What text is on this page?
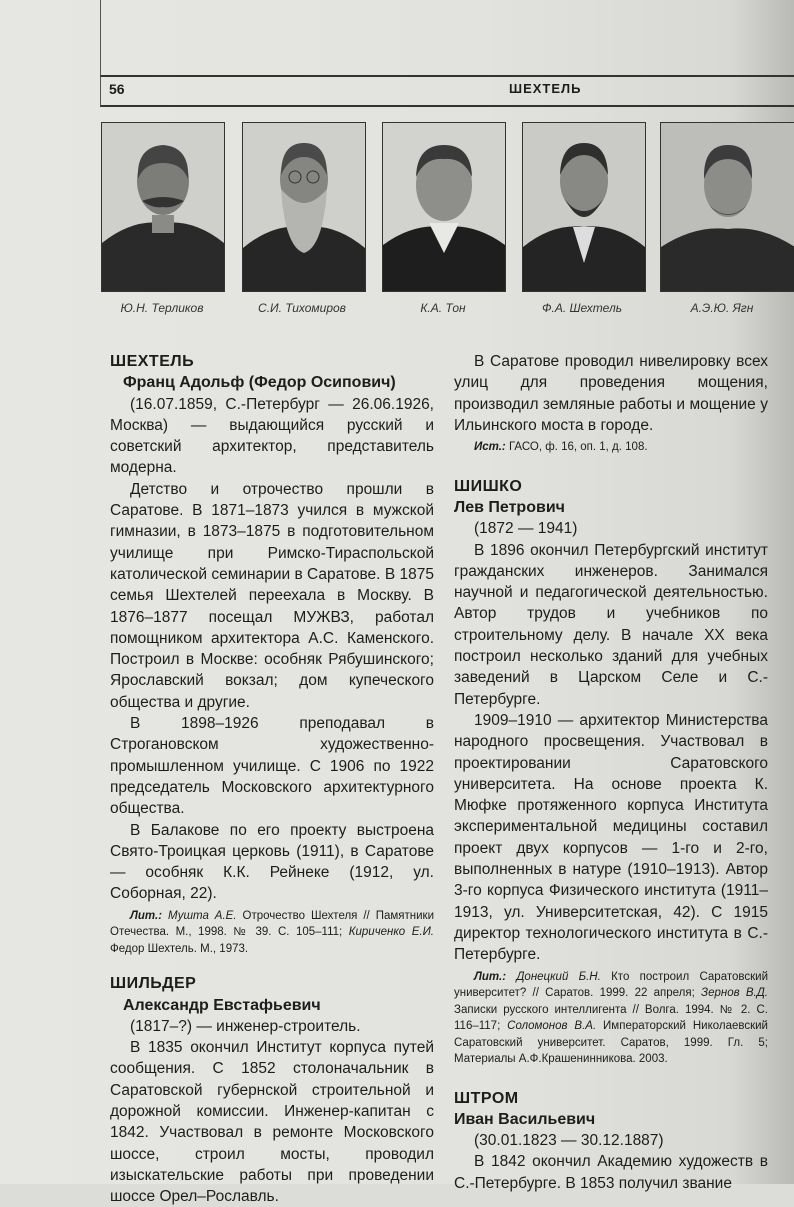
56	ШЕХТЕЛЬ
Ю.Н. Терликов	С.И. Тихомиров	К.А. Тон	Ф.А. Шехтель	А.Э.Ю. Ягн

ШЕХТЕЛЬ

Франц Адольф (Федор Осипович)

(16.07.1859, С.-Петербург — 26.06.1926, Москва) — выдающийся русский и советский архитектор, представитель модерна.

Детство и отрочество прошли в Саратове. В 1871–1873 учился в мужской гимназии, в 1873–1875 в подготовительном училище при Римско-Тираспольской католической семинарии в Саратове. В 1875 семья Шехтелей переехала в Москву. В 1876–1877 посещал МУЖВЗ, работал помощником архитектора А.С. Каменского. Построил в Москве: особняк Рябушинского; Ярославский вокзал; дом купеческого общества и другие.

В 1898–1926 преподавал в Строгановском художественно-промышленном училище. С 1906 по 1922 председатель Московского архитектурного общества.

В Балакове по его проекту выстроена Свято-Троицкая церковь (1911), в Саратове — особняк К.К. Рейнеке (1912, ул. Соборная, 22).

Лит.: Мушта А.Е. Отрочество Шехтеля // Памятники Отечества. М., 1998. № 39. С. 105–111; Кириченко Е.И. Федор Шехтель. М., 1973.

ШИЛЬДЕР

Александр Евстафьевич

(1817–?) — инженер-строитель.

В 1835 окончил Институт корпуса путей сообщения. С 1852 столоначальник в Саратовской губернской строительной и дорожной комиссии. Инженер-капитан с 1842. Участвовал в ремонте Московского шоссе, строил мосты, проводил изыскательские работы при проведении шоссе Орел–Рославль.

В Саратове проводил нивелировку всех улиц для проведения мощения, производил земляные работы и мощение у Ильинского моста в городе.

Ист.: ГАСО, ф. 16, оп. 1, д. 108.

ШИШКО

Лев Петрович

(1872 — 1941)

В 1896 окончил Петербургский институт гражданских инженеров. Занимался научной и педагогической деятельностью. Автор трудов и учебников по строительному делу. В начале XX века построил несколько зданий для учебных заведений в Царском Селе и С.-Петербурге.

1909–1910 — архитектор Министерства народного просвещения. Участвовал в проектировании Саратовского университета. На основе проекта К. Мюфке протяженного корпуса Института экспериментальной медицины составил проект двух корпусов — 1-го и 2-го, выполненных в натуре (1910–1913). Автор 3-го корпуса Физического института (1911–1913, ул. Университетская, 42). С 1915 директор технологического института в С.-Петербурге.

Лит.: Донецкий Б.Н. Кто построил Саратовский университет? // Саратов. 1999. 22 апреля; Зернов В.Д. Записки русского интеллигента // Волга. 1994. № 2. С. 116–117; Соломонов В.А. Императорский Николаевский Саратовский университет. Саратов, 1999. Гл. 5; Материалы А.Ф.Крашенинникова. 2003.

ШТРОМ

Иван Васильевич

(30.01.1823 — 30.12.1887)

В 1842 окончил Академию художеств в С.-Петербурге. В 1853 получил звание
